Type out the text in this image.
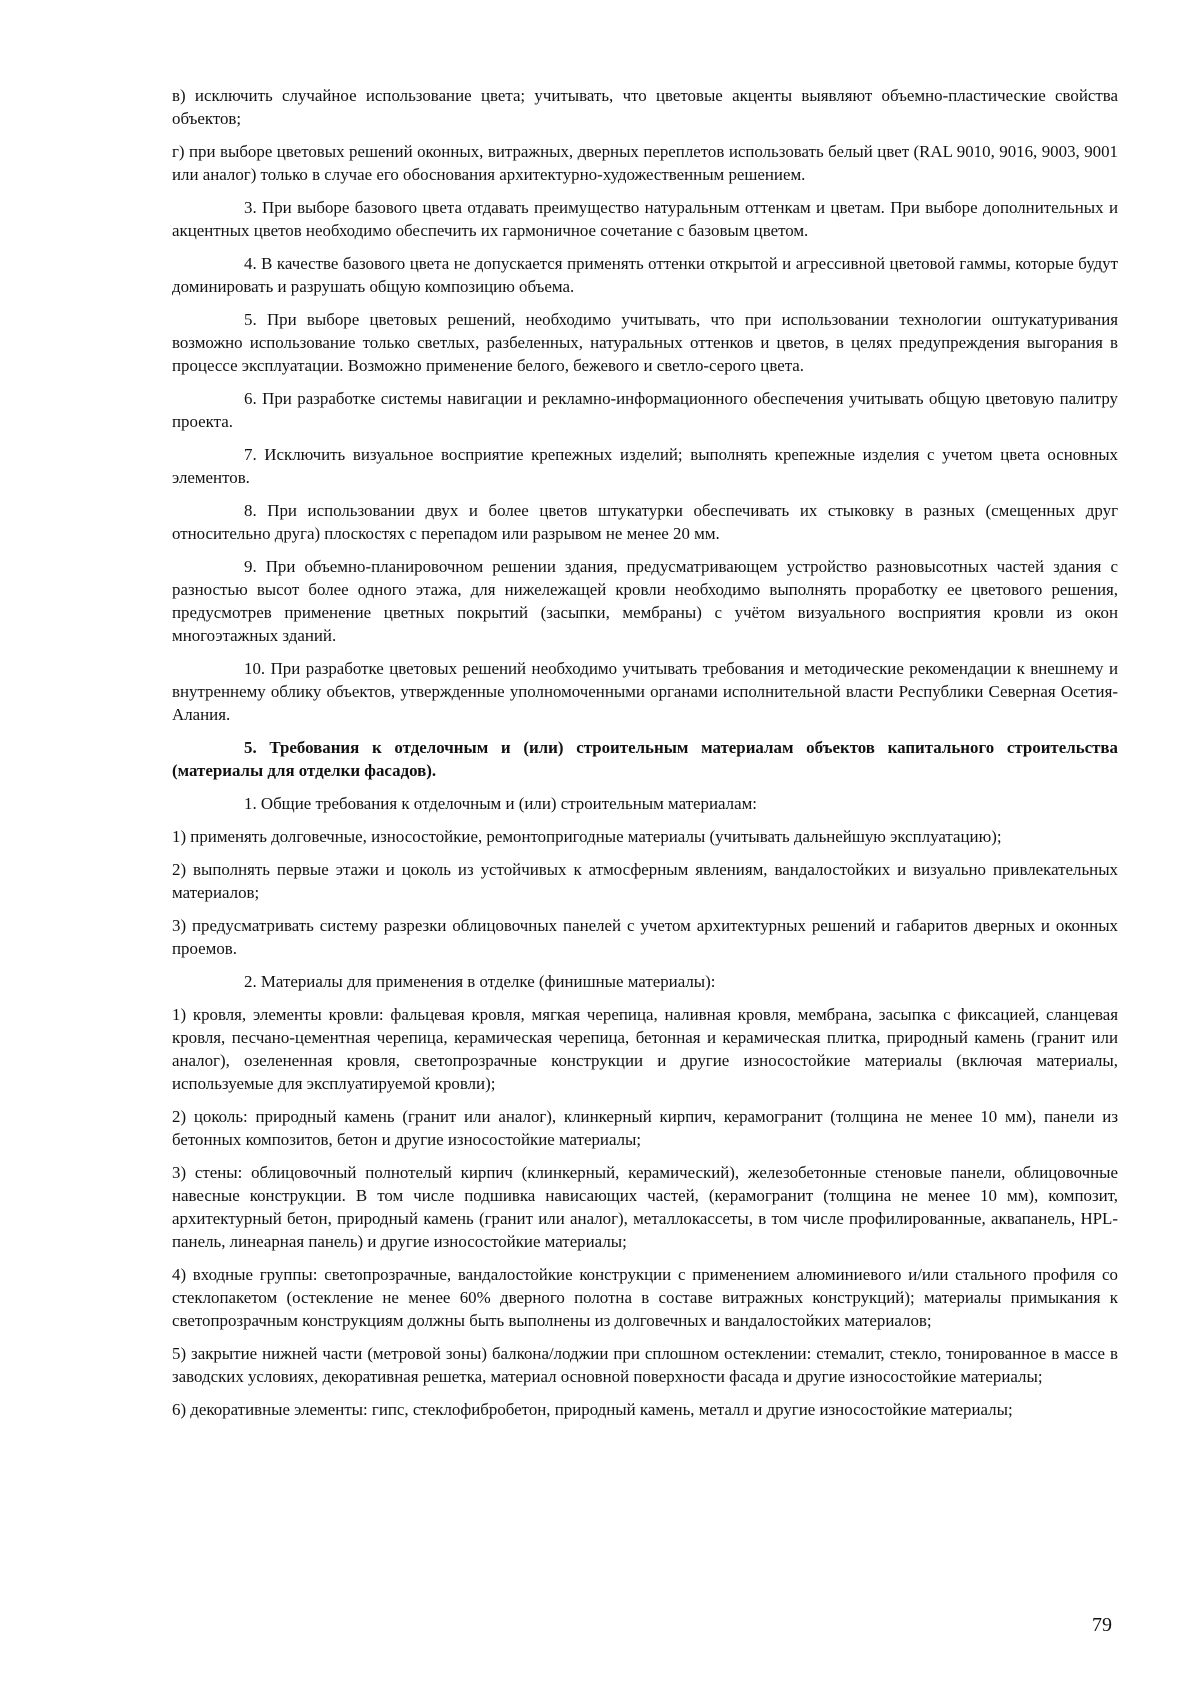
в) исключить случайное использование цвета; учитывать, что цветовые акценты выявляют объемно-пластические свойства объектов;

г) при выборе цветовых решений оконных, витражных, дверных переплетов использовать белый цвет (RAL 9010, 9016, 9003, 9001 или аналог) только в случае его обоснования архитектурно-художественным решением.

3. При выборе базового цвета отдавать преимущество натуральным оттенкам и цветам. При выборе дополнительных и акцентных цветов необходимо обеспечить их гармоничное сочетание с базовым цветом.

4. В качестве базового цвета не допускается применять оттенки открытой и агрессивной цветовой гаммы, которые будут доминировать и разрушать общую композицию объема.

5. При выборе цветовых решений, необходимо учитывать, что при использовании технологии оштукатуривания возможно использование только светлых, разбеленных, натуральных оттенков и цветов, в целях предупреждения выгорания в процессе эксплуатации. Возможно применение белого, бежевого и светло-серого цвета.

6. При разработке системы навигации и рекламно-информационного обеспечения учитывать общую цветовую палитру проекта.

7. Исключить визуальное восприятие крепежных изделий; выполнять крепежные изделия с учетом цвета основных элементов.

8. При использовании двух и более цветов штукатурки обеспечивать их стыковку в разных (смещенных друг относительно друга) плоскостях с перепадом или разрывом не менее 20 мм.

9. При объемно-планировочном решении здания, предусматривающем устройство разновысотных частей здания с разностью высот более одного этажа, для нижележащей кровли необходимо выполнять проработку ее цветового решения, предусмотрев применение цветных покрытий (засыпки, мембраны) с учётом визуального восприятия кровли из окон многоэтажных зданий.

10. При разработке цветовых решений необходимо учитывать требования и методические рекомендации к внешнему и внутреннему облику объектов, утвержденные уполномоченными органами исполнительной власти Республики Северная Осетия-Алания.

5. Требования к отделочным и (или) строительным материалам объектов капитального строительства (материалы для отделки фасадов).

1. Общие требования к отделочным и (или) строительным материалам:

1) применять долговечные, износостойкие, ремонтопригодные материалы (учитывать дальнейшую эксплуатацию);

2) выполнять первые этажи и цоколь из устойчивых к атмосферным явлениям, вандалостойких и визуально привлекательных материалов;

3) предусматривать систему разрезки облицовочных панелей с учетом архитектурных решений и габаритов дверных и оконных проемов.

2. Материалы для применения в отделке (финишные материалы):

1) кровля, элементы кровли: фальцевая кровля, мягкая черепица, наливная кровля, мембрана, засыпка с фиксацией, сланцевая кровля, песчано-цементная черепица, керамическая черепица, бетонная и керамическая плитка, природный камень (гранит или аналог), озелененная кровля, светопрозрачные конструкции и другие износостойкие материалы (включая материалы, используемые для эксплуатируемой кровли);

2) цоколь: природный камень (гранит или аналог), клинкерный кирпич, керамогранит (толщина не менее 10 мм), панели из бетонных композитов, бетон и другие износостойкие материалы;

3) стены: облицовочный полнотелый кирпич (клинкерный, керамический), железобетонные стеновые панели, облицовочные навесные конструкции. В том числе подшивка нависающих частей, (керамогранит (толщина не менее 10 мм), композит, архитектурный бетон, природный камень (гранит или аналог), металлокассеты, в том числе профилированные, аквапанель, HPL-панель, линеарная панель) и другие износостойкие материалы;

4) входные группы: светопрозрачные, вандалостойкие конструкции с применением алюминиевого и/или стального профиля со стеклопакетом (остекление не менее 60% дверного полотна в составе витражных конструкций); материалы примыкания к светопрозрачным конструкциям должны быть выполнены из долговечных и вандалостойких материалов;

5) закрытие нижней части (метровой зоны) балкона/лоджии при сплошном остеклении: стемалит, стекло, тонированное в массе в заводских условиях, декоративная решетка, материал основной поверхности фасада и другие износостойкие материалы;

6) декоративные элементы: гипс, стеклофибробетон, природный камень, металл и другие износостойкие материалы;

79
